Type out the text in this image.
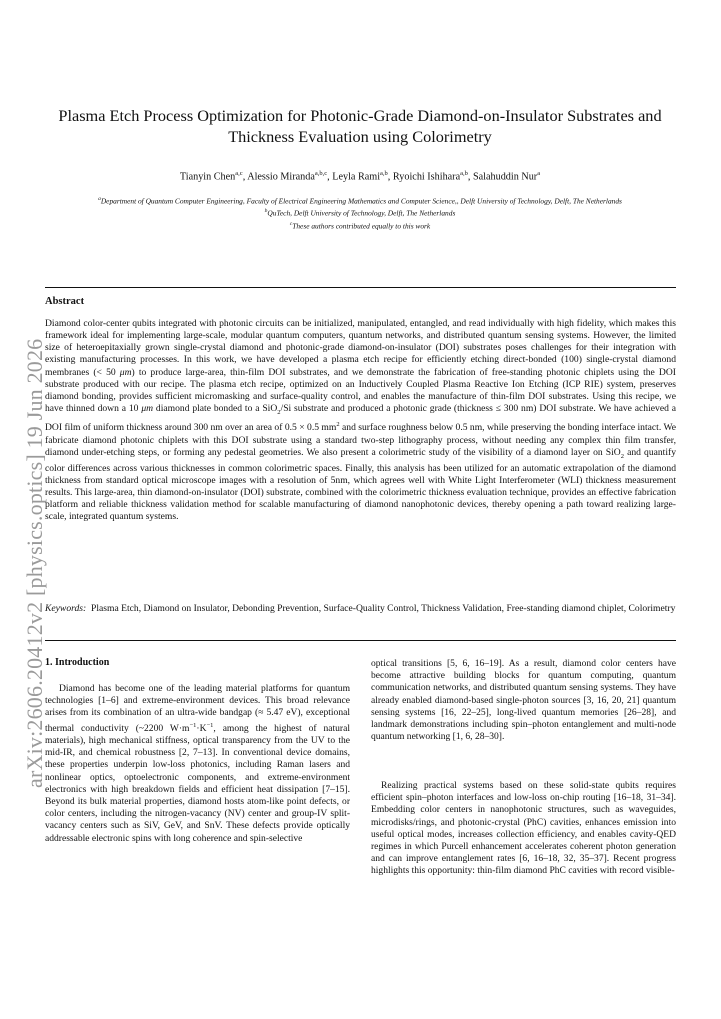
arXiv:2606.20412v2 [physics.optics] 19 Jun 2026
Plasma Etch Process Optimization for Photonic-Grade Diamond-on-Insulator Substrates and Thickness Evaluation using Colorimetry
Tianyin Chen$^{a,c}$, Alessio Miranda$^{a,b,c}$, Leyla Rami$^{a,b}$, Ryoichi Ishihara$^{a,b}$, Salahuddin Nur$^a$
$^a$Department of Quantum Computer Engineering, Faculty of Electrical Engineering Mathematics and Computer Science,, Delft University of Technology, Delft, The Netherlands
$^b$QuTech, Delft University of Technology, Delft, The Netherlands
$^c$These authors contributed equally to this work
Abstract

Diamond color-center qubits integrated with photonic circuits can be initialized, manipulated, entangled, and read individually with high fidelity, which makes this framework ideal for implementing large-scale, modular quantum computers, quantum networks, and distributed quantum sensing systems. However, the limited size of heteroepitaxially grown single-crystal diamond and photonic-grade diamond-on-insulator (DOI) substrates poses challenges for their integration with existing manufacturing processes. In this work, we have developed a plasma etch recipe for efficiently etching direct-bonded (100) single-crystal diamond membranes (< 50 μm) to produce large-area, thin-film DOI substrates, and we demonstrate the fabrication of free-standing photonic chiplets using the DOI substrate produced with our recipe. The plasma etch recipe, optimized on an Inductively Coupled Plasma Reactive Ion Etching (ICP RIE) system, preserves diamond bonding, provides sufficient micromasking and surface-quality control, and enables the manufacture of thin-film DOI substrates. Using this recipe, we have thinned down a 10 μm diamond plate bonded to a SiO$_2$/Si substrate and produced a photonic grade (thickness ≤ 300 nm) DOI substrate. We have achieved a DOI film of uniform thickness around 300 nm over an area of 0.5 × 0.5 $mm^2$ and surface roughness below 0.5 nm, while preserving the bonding interface intact. We fabricate diamond photonic chiplets with this DOI substrate using a standard two-step lithography process, without needing any complex thin film transfer, diamond under-etching steps, or forming any pedestal geometries. We also present a colorimetric study of the visibility of a diamond layer on SiO$_2$ and quantify color differences across various thicknesses in common colorimetric spaces. Finally, this analysis has been utilized for an automatic extrapolation of the diamond thickness from standard optical microscope images with a resolution of 5nm, which agrees well with White Light Interferometer (WLI) thickness measurement results. This large-area, thin diamond-on-insulator (DOI) substrate, combined with the colorimetric thickness evaluation technique, provides an effective fabrication platform and reliable thickness validation method for scalable manufacturing of diamond nanophotonic devices, thereby opening a path toward realizing large-scale, integrated quantum systems.

Keywords: Plasma Etch, Diamond on Insulator, Debonding Prevention, Surface-Quality Control, Thickness Validation, Free-standing diamond chiplet, Colorimetry

1. Introduction

Diamond has become one of the leading material platforms for quantum technologies [1–6] and extreme-environment devices. This broad relevance arises from its combination of an ultra-wide bandgap (≈ 5.47 eV), exceptional thermal conductivity (~2200 $W\cdot m^{-1}\cdot K^{-1}$, among the highest of natural materials), high mechanical stiffness, optical transparency from the UV to the mid-IR, and chemical robustness [2, 7–13]. In conventional device domains, these properties underpin low-loss photonics, including Raman lasers and nonlinear optics, optoelectronic components, and extreme-environment electronics with high breakdown fields and efficient heat dissipation [7–15]. Beyond its bulk material properties, diamond hosts atom-like point defects, or color centers, including the nitrogen-vacancy (NV) center and group-IV split-vacancy centers such as SiV, GeV, and SnV. These defects provide optically addressable electronic spins with long coherence and spin-selective

optical transitions [5, 6, 16–19]. As a result, diamond color centers have become attractive building blocks for quantum computing, quantum communication networks, and distributed quantum sensing systems. They have already enabled diamond-based single-photon sources [3, 16, 20, 21] quantum sensing systems [16, 22–25], long-lived quantum memories [26–28], and landmark demonstrations including spin–photon entanglement and multi-node quantum networking [1, 6, 28–30].

Realizing practical systems based on these solid-state qubits requires efficient spin–photon interfaces and low-loss on-chip routing [16–18, 31–34]. Embedding color centers in nanophotonic structures, such as waveguides, microdisks/rings, and photonic-crystal (PhC) cavities, enhances emission into useful optical modes, increases collection efficiency, and enables cavity-QED regimes in which Purcell enhancement accelerates coherent photon generation and can improve entanglement rates [6, 16–18, 32, 35–37]. Recent progress highlights this opportunity: thin-film diamond PhC cavities with record visible-
